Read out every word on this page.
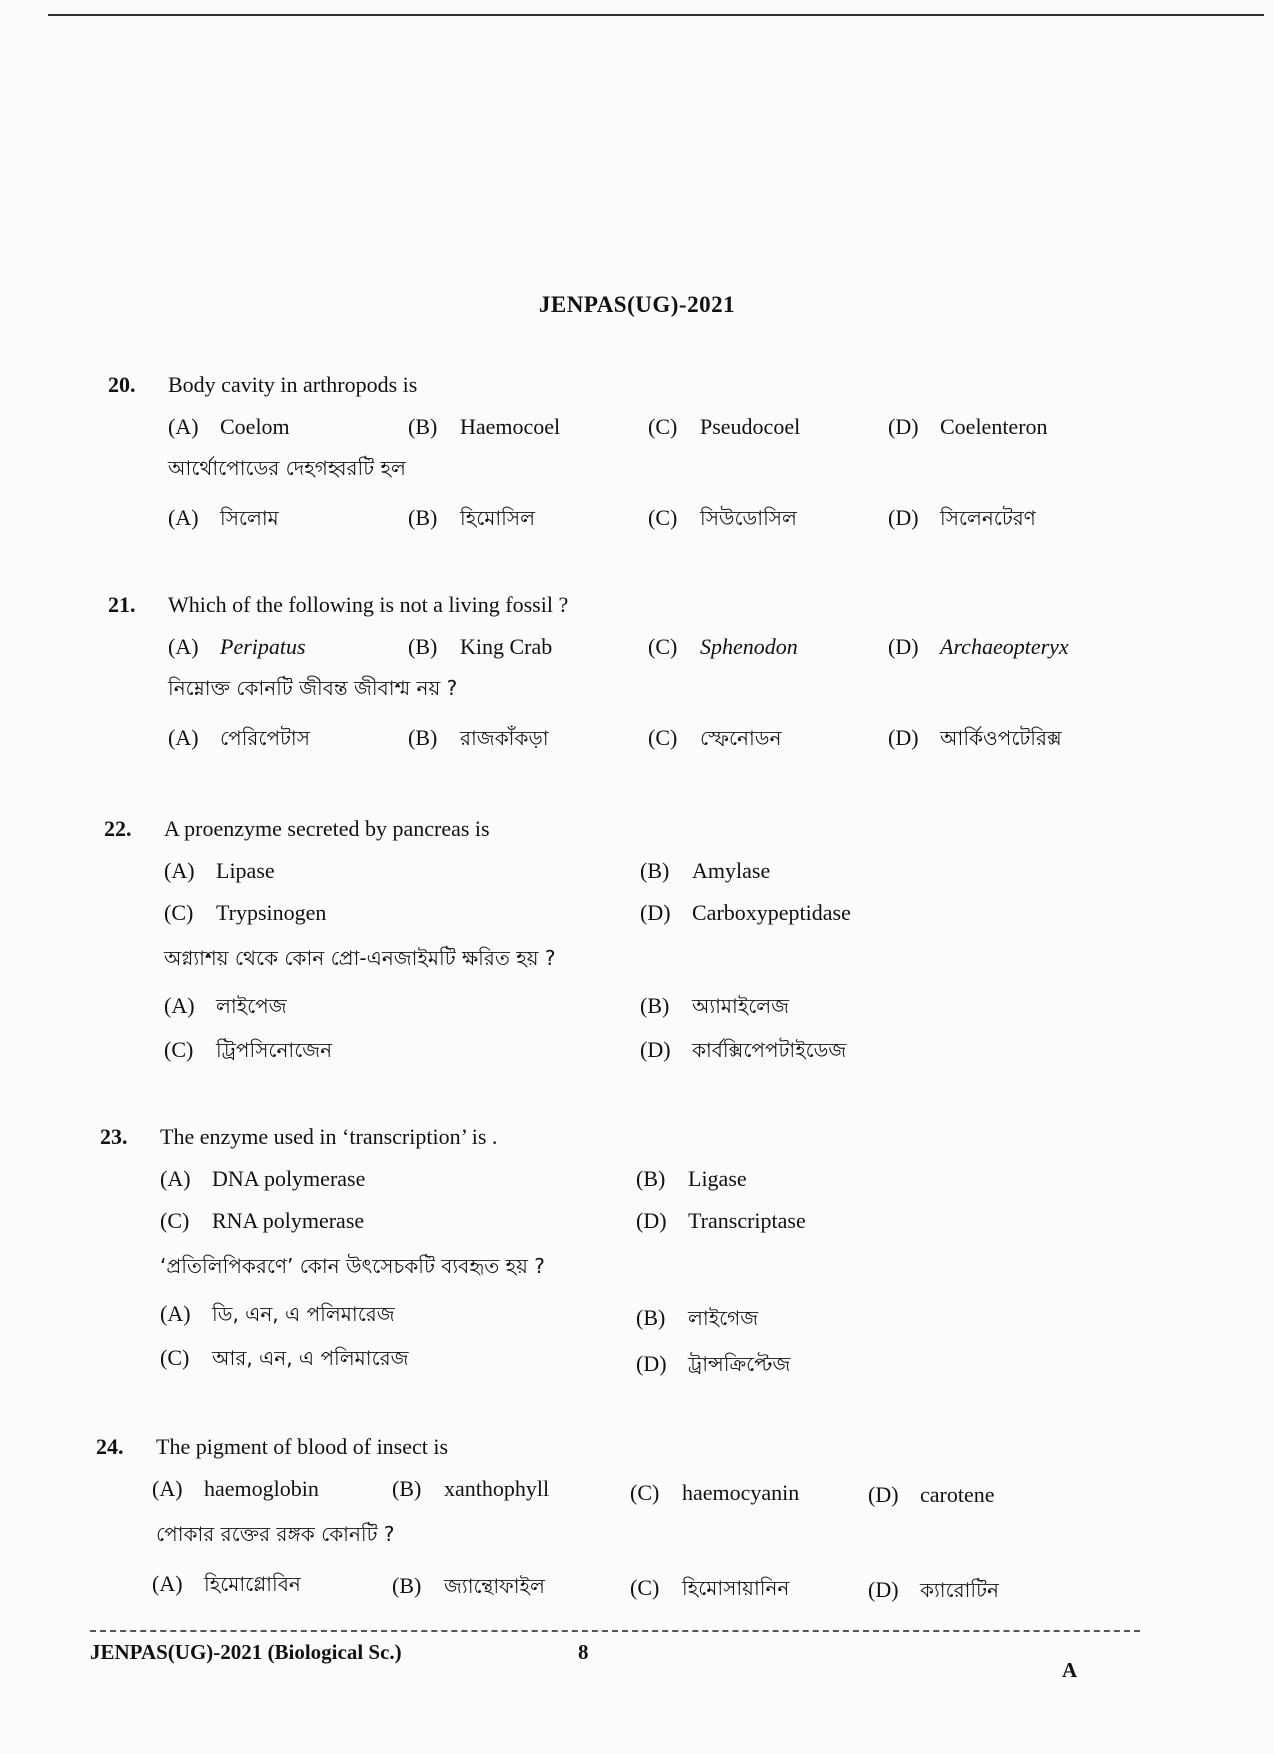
JENPAS(UG)-2021
20. Body cavity in arthropods is
(A) Coelom	(B) Haemocoel	(C) Pseudocoel	(D) Coelenteron
আর্থোপোডের দেহগহ্বরটি হল
(A) সিলোম	(B) হিমোসিল	(C) সিউডোসিল	(D) সিলেনটেরণ
21. Which of the following is not a living fossil ?
(A) Peripatus	(B) King Crab	(C) Sphenodon	(D) Archaeopteryx
নিম্নোক্ত কোনটি জীবন্ত জীবাশ্ম নয় ?
(A) পেরিপেটাস	(B) রাজকাঁকড়া	(C) স্ফেনোডন	(D) আর্কিওপটেরিক্স
22. A proenzyme secreted by pancreas is
(A) Lipase	(B) Amylase
(C) Trypsinogen	(D) Carboxypeptidase
অগ্ন্যাশয় থেকে কোন প্রো-এনজাইমটি ক্ষরিত হয় ?
(A) লাইপেজ	(B) অ্যামাইলেজ
(C) ট্রিপসিনোজেন	(D) কার্বক্সিপেপটাইডেজ
23. The enzyme used in ‘transcription’ is .
(A) DNA polymerase	(B) Ligase
(C) RNA polymerase	(D) Transcriptase
‘প্রতিলিপিকরণে’ কোন উৎসেচকটি ব্যবহৃত হয় ?
(A) ডি, এন, এ পলিমারেজ	(B) লাইগেজ
(C) আর, এন, এ পলিমারেজ	(D) ট্রান্সক্রিপ্টেজ
24. The pigment of blood of insect is
(A) haemoglobin	(B) xanthophyll	(C) haemocyanin	(D) carotene
পোকার রক্তের রঙ্গক কোনটি ?
(A) হিমোগ্লোবিন	(B) জ্যান্থোফাইল	(C) হিমোসায়ানিন	(D) ক্যারোটিন
JENPAS(UG)-2021 (Biological Sc.)	8
A
